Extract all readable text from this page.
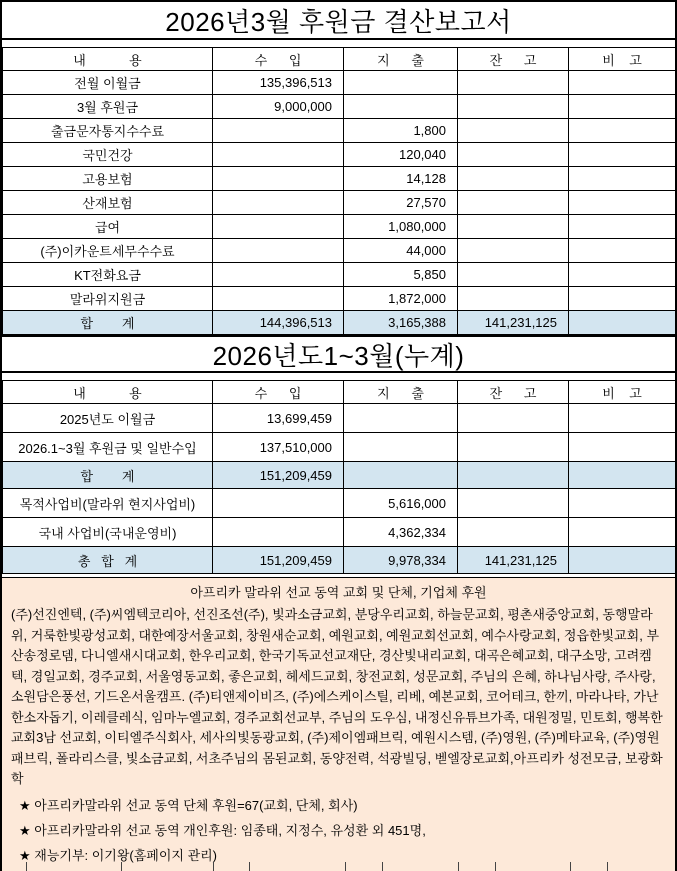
2026년3월 후원금 결산보고서
내            용	수      입	지      출	잔      고	비    고
전월 이월금	135,396,513			
3월 후원금	9,000,000			
출금문자통지수수료		1,800		
국민건강		120,040		
고용보험		14,128		
산재보험		27,570		
급여		1,080,000		
(주)이카운트세무수수료		44,000		
KT전화요금		5,850		
말라위지원금		1,872,000		
합        계	144,396,513	3,165,388	141,231,125	
2026년도1~3월(누계)
내            용	수      입	지      출	잔      고	비    고
2025년도 이월금	13,699,459			
2026.1~3월 후원금 및 일반수입	137,510,000			
합        계	151,209,459			
목적사업비(말라위 현지사업비)		5,616,000		
국내 사업비(국내운영비)		4,362,334		
총   합   계	151,209,459	9,978,334	141,231,125	
아프리카 말라위 선교 동역 교회 및 단체, 기업체 후원
(주)선진엔텍, (주)씨엠텍코리아, 선진조선(주), 빛과소금교회, 분당우리교회, 하늘문교회, 평촌새중앙교회, 동행말라위, 거룩한빛광성교회, 대한예장서울교회, 창원새순교회, 예원교회, 예원교회선교회, 예수사랑교회, 정읍한빛교회, 부산송정로뎀, 다니엘새시대교회, 한우리교회, 한국기독교선교재단, 경산빛내리교회, 대곡은혜교회, 대구소망, 고려켐텍, 경일교회, 경주교회, 서울영동교회, 좋은교회, 헤세드교회, 창전교회, 성문교회, 주님의 은혜, 하나님사랑, 주사랑, 소원담은풍선, 기드온서울캠프. (주)티앤제이비즈, (주)에스케이스틸, 리베, 예본교회, 코어테크, 한끼, 마라나타, 가난한소자돕기, 이레클레식, 임마누엘교회, 경주교회선교부, 주님의 도우심, 내정신유튜브가족, 대원정밀, 민토회, 행복한교회3남 선교회, 이티엘주식회사, 세사의빛동광교회, (주)제이엠패브릭, 예원시스템, (주)영원, (주)메타교육, (주)영원패브릭, 폴라리스클, 빛소금교회, 서초주님의 몸된교회, 동양전력, 석광빌딩, 벧엘장로교회,아프리카 성전모금, 보광화학
★ 아프리카말라위 선교 동역 단체 후원=67(교회, 단체, 회사)
★ 아프리카말라위 선교 동역 개인후원: 임종태, 지정수, 유성환 외 451명,
★ 재능기부: 이기왕(홈페이지 관리)
